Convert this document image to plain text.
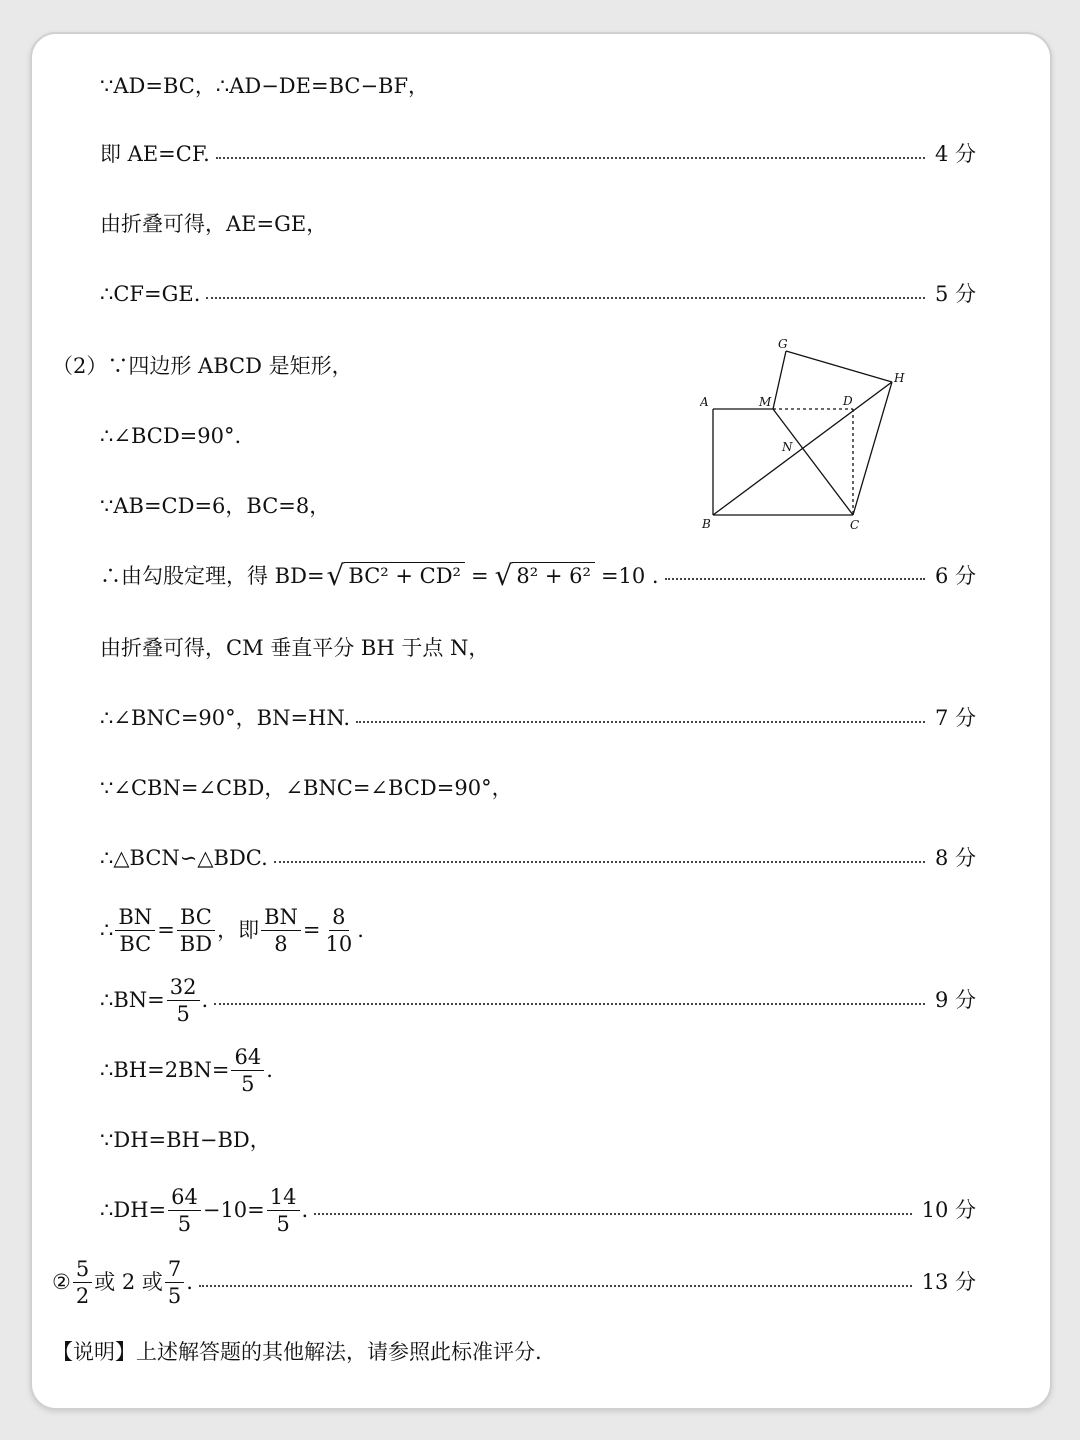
∵AD=BC，∴AD−DE=BC−BF，
即 AE=CF.	4 分
由折叠可得，AE=GE，
∴CF=GE.	5 分
（2）∵四边形 ABCD 是矩形，
∴∠BCD=90°.
∵AB=CD=6，BC=8，
A
B	C
D
G
H
M
N
∴由勾股定理，得 BD= √ BC² + CD² = √ 8² + 6² =10 .	6 分
由折叠可得，CM 垂直平分 BH 于点 N，
∴∠BNC=90°，BN=HN.	7 分
∵∠CBN=∠CBD，∠BNC=∠BCD=90°，
∴△BCN∽△BDC.	8 分
∴ $\frac{BN}{BC} = \frac{BC}{BD}$ ，即 $\frac{BN}{8} = \frac{8}{10}$ .
∴BN= $\frac{32}{5}$ .	9 分
∴BH=2BN= $\frac{64}{5}$ .
∵DH=BH−BD，
∴DH= $\frac{64}{5} -10= \frac{14}{5}$ .	10 分
② $\frac{5}{2}$ 或 2 或 $\frac{7}{5}$ .	13 分
【说明】上述解答题的其他解法，请参照此标准评分.
